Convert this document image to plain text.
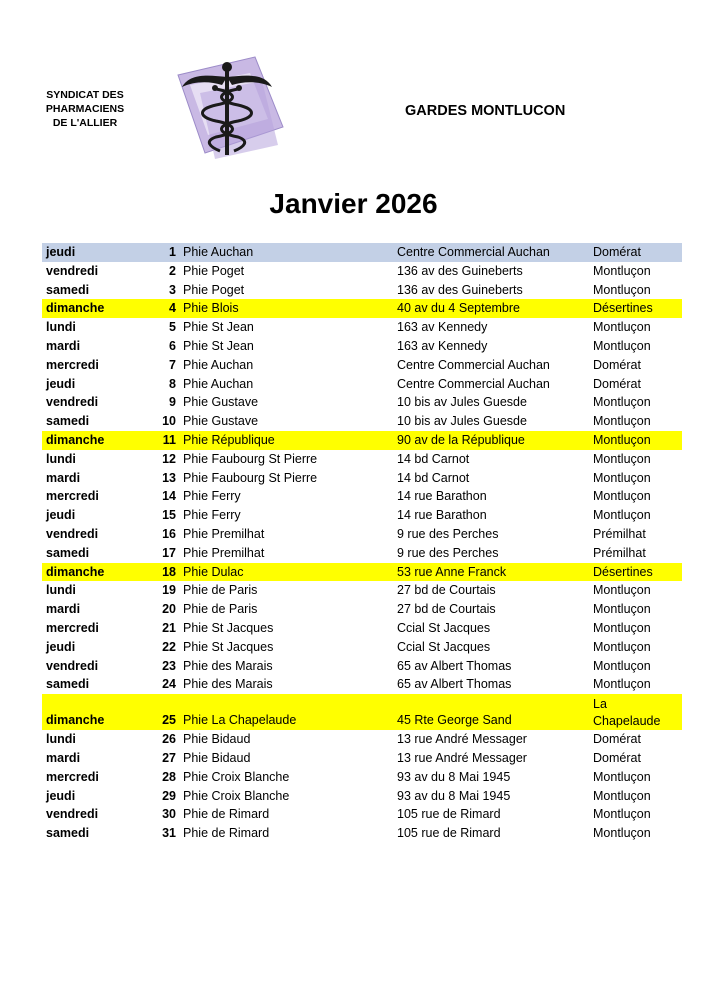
SYNDICAT DES
PHARMACIENS
DE L'ALLIER
GARDES MONTLUCON
Janvier 2026
jeudi	1 Phie Auchan	Centre Commercial Auchan	Domérat
vendredi	2 Phie Poget	136 av des Guineberts	Montluçon
samedi	3 Phie Poget	136 av des Guineberts	Montluçon
dimanche	4 Phie Blois	40 av du 4 Septembre	Désertines
lundi	5 Phie St Jean	163 av Kennedy	Montluçon
mardi	6 Phie St Jean	163 av Kennedy	Montluçon
mercredi	7 Phie Auchan	Centre Commercial Auchan	Domérat
jeudi	8 Phie Auchan	Centre Commercial Auchan	Domérat
vendredi	9 Phie Gustave	10 bis av Jules Guesde	Montluçon
samedi	10 Phie Gustave	10 bis av Jules Guesde	Montluçon
dimanche	11 Phie République	90 av de la République	Montluçon
lundi	12 Phie Faubourg St Pierre	14 bd Carnot	Montluçon
mardi	13 Phie Faubourg St Pierre	14 bd Carnot	Montluçon
mercredi	14 Phie Ferry	14 rue Barathon	Montluçon
jeudi	15 Phie Ferry	14 rue Barathon	Montluçon
vendredi	16 Phie Premilhat	9 rue des Perches	Prémilhat
samedi	17 Phie Premilhat	9 rue des Perches	Prémilhat
dimanche	18 Phie Dulac	53 rue Anne Franck	Désertines
lundi	19 Phie de Paris	27 bd de Courtais	Montluçon
mardi	20 Phie de Paris	27 bd de Courtais	Montluçon
mercredi	21 Phie St Jacques	Ccial St Jacques	Montluçon
jeudi	22 Phie St Jacques	Ccial St Jacques	Montluçon
vendredi	23 Phie des Marais	65 av Albert Thomas	Montluçon
samedi	24 Phie des Marais	65 av Albert Thomas	Montluçon
dimanche	25 Phie La Chapelaude	45 Rte George Sand
La Chapelaude
lundi	26 Phie Bidaud	13 rue André Messager	Domérat
mardi	27 Phie Bidaud	13 rue André Messager	Domérat
mercredi	28 Phie Croix Blanche	93 av du 8 Mai 1945	Montluçon
jeudi	29 Phie Croix Blanche	93 av du 8 Mai 1945	Montluçon
vendredi	30 Phie de Rimard	105 rue de Rimard	Montluçon
samedi	31 Phie de Rimard	105 rue de Rimard	Montluçon
